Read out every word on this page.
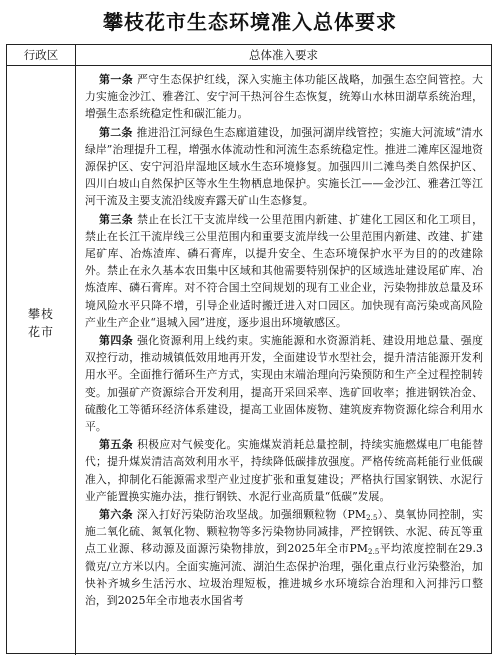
攀枝花市生态环境准入总体要求
行政区	总体准入要求
攀枝
花市

第一条 严守生态保护红线，深入实施主体功能区战略，加强生态空间管控。大力实施金沙江、雅砻江、安宁河干热河谷生态恢复，统筹山水林田湖草系统治理，增强生态系统稳定性和碳汇能力。

第二条 推进沿江河绿色生态廊道建设，加强河湖岸线管控；实施大河流域“清水绿岸”治理提升工程，增强水体流动性和河流生态系统稳定性。推进二滩库区湿地资源保护区、安宁河沿岸湿地区域水生态环境修复。加强四川二滩鸟类自然保护区、四川白坡山自然保护区等水生生物栖息地保护。实施长江——金沙江、雅砻江等江河干流及主要支流沿线废弃露天矿山生态修复。

第三条 禁止在长江干支流岸线一公里范围内新建、扩建化工园区和化工项目，禁止在长江干流岸线三公里范围内和重要支流岸线一公里范围内新建、改建、扩建尾矿库、冶炼渣库、磷石膏库，以提升安全、生态环境保护水平为目的的改建除外。禁止在永久基本农田集中区域和其他需要特别保护的区域选址建设尾矿库、冶炼渣库、磷石膏库。对不符合国土空间规划的现有工业企业，污染物排放总量及环境风险水平只降不增，引导企业适时搬迁进入对口园区。加快现有高污染或高风险产业生产企业“退城入园”进度，逐步退出环境敏感区。

第四条 强化资源利用上线约束。实施能源和水资源消耗、建设用地总量、强度双控行动，推动城镇低效用地再开发，全面建设节水型社会，提升清洁能源开发利用水平。全面推行循环生产方式，实现由末端治理向污染预防和生产全过程控制转变。加强矿产资源综合开发利用，提高开采回采率、选矿回收率；推进钢铁冶金、硫酸化工等循环经济体系建设，提高工业固体废物、建筑废弃物资源化综合利用水平。

第五条 积极应对气候变化。实施煤炭消耗总量控制，持续实施燃煤电厂电能替代；提升煤炭清洁高效利用水平，持续降低碳排放强度。严格传统高耗能行业低碳准入，抑制化石能源需求型产业过度扩张和重复建设；严格执行国家钢铁、水泥行业产能置换实施办法，推行钢铁、水泥行业高质量“低碳”发展。

第六条 深入打好污染防治攻坚战。加强细颗粒物$(PM_{2.5})$、臭氧协同控制，实施二氧化硫、氮氧化物、颗粒物等多污染物协同减排，严控钢铁、水泥、砖瓦等重点工业源、移动源及面源污染物排放，到2025年全市$PM_{2.5}$平均浓度控制在29.3微克/立方米以内。全面实施河流、湖泊生态保护治理，强化重点行业污染整治，加快补齐城乡生活污水、垃圾治理短板，推进城乡水环境综合治理和入河排污口整治，到2025年全市地表水国省考
